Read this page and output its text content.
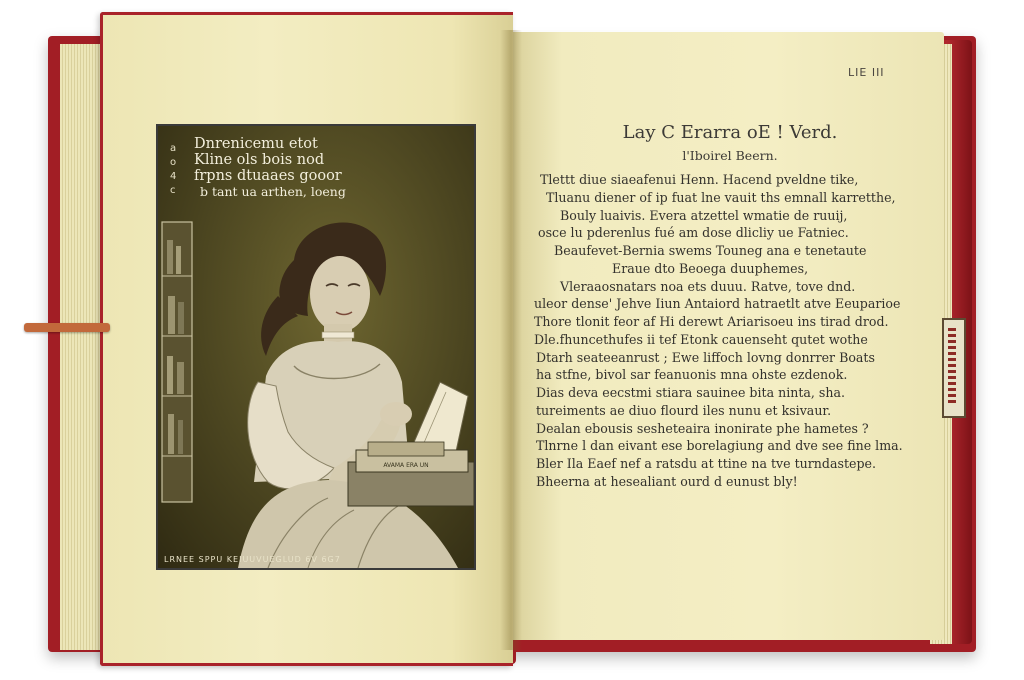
a
o
4
c
Dnrenicemu etot
Kline ols bois nod
frpns dtuaaes gooor
b tant ua arthen, loeng
AVAMA ERA UN
LRNEE SPPU KEIUUVUEGLUD 6V 6G7
LIE III
Lay C Erarra oE ! Verd.
l'Iboirel Beern.
Tlettt diue siaeafenui Henn. Hacend pveldne tike,
Tluanu diener of ip fuat lne vauit ths emnall karretthe,
Bouly luaivis. Evera atzettel wmatie de ruuij,
osce lu pderenlus fué am dose dlicliy ue Fatniec.
Beaufevet-Bernia swems Touneg ana e tenetaute
Eraue dto Beoega duuphemes,
Vleraaosnatars noa ets duuu. Ratve, tove dnd.
uleor dense' Jehve Iiun Antaiord hatraetlt atve Eeuparioe
Thore tlonit feor af Hi derewt Ariarisoeu ins tirad drod.
Dle.fhuncethufes ii tef Etonk cauenseht qutet wothe
Dtarh seateeanrust ; Ewe liffoch lovng donrrer Boats
ha stfne, bivol sar feanuonis mna ohste ezdenok.
Dias deva eecstmi stiara sauinee bita ninta, sha.
tureiments ae diuo flourd iles nunu et ksivaur.
Dealan ebousis sesheteaira inonirate phe hametes ?
Tlnrne l dan eivant ese borelagiung and dve see fine lma.
Bler Ila Eaef nef a ratsdu at ttine na tve turndastepe.
Bheerna at hesealiant ourd d eunust bly!
